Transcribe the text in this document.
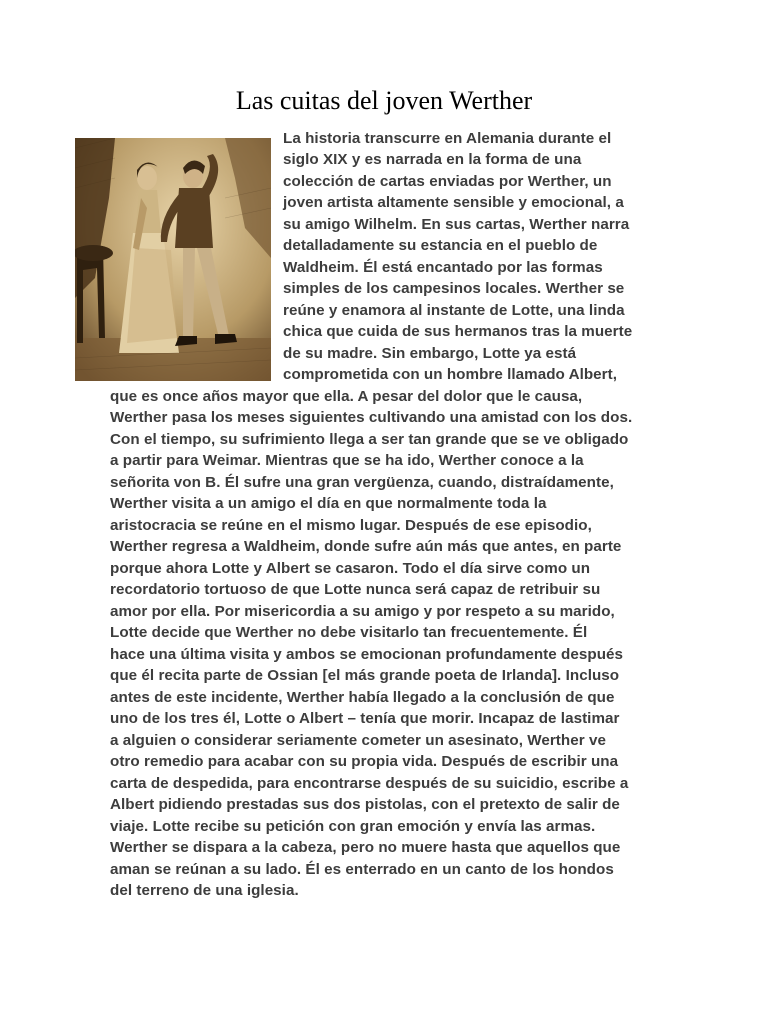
Las cuitas del joven Werther
La historia transcurre en Alemania durante el
siglo XIX y es narrada en la forma de una
colección de cartas enviadas por Werther, un
joven artista altamente sensible y emocional, a
su amigo Wilhelm. En sus cartas, Werther narra
detalladamente su estancia en el pueblo de
Waldheim. Él está encantado por las formas
simples de los campesinos locales. Werther se
reúne y enamora al instante de Lotte, una linda
chica que cuida de sus hermanos tras la muerte
de su madre. Sin embargo, Lotte ya está
comprometida con un hombre llamado Albert,
que es once años mayor que ella. A pesar del dolor que le causa,
Werther pasa los meses siguientes cultivando una amistad con los dos.
Con el tiempo, su sufrimiento llega a ser tan grande que se ve obligado
a partir para Weimar. Mientras que se ha ido, Werther conoce a la
señorita von B. Él sufre una gran vergüenza, cuando, distraídamente,
Werther visita a un amigo el día en que normalmente toda la
aristocracia se reúne en el mismo lugar. Después de ese episodio,
Werther regresa a Waldheim, donde sufre aún más que antes, en parte
porque ahora Lotte y Albert se casaron. Todo el día sirve como un
recordatorio tortuoso de que Lotte nunca será capaz de retribuir su
amor por ella. Por misericordia a su amigo y por respeto a su marido,
Lotte decide que Werther no debe visitarlo tan frecuentemente. Él
hace una última visita y ambos se emocionan profundamente después
que él recita parte de Ossian [el más grande poeta de Irlanda]. Incluso
antes de este incidente, Werther había llegado a la conclusión de que
uno de los tres él, Lotte o Albert – tenía que morir. Incapaz de lastimar
a alguien o considerar seriamente cometer un asesinato, Werther ve
otro remedio para acabar con su propia vida. Después de escribir una
carta de despedida, para encontrarse después de su suicidio, escribe a
Albert pidiendo prestadas sus dos pistolas, con el pretexto de salir de
viaje. Lotte recibe su petición con gran emoción y envía las armas.
Werther se dispara a la cabeza, pero no muere hasta que aquellos que
aman se reúnan a su lado. Él es enterrado en un canto de los hondos
del terreno de una iglesia.
